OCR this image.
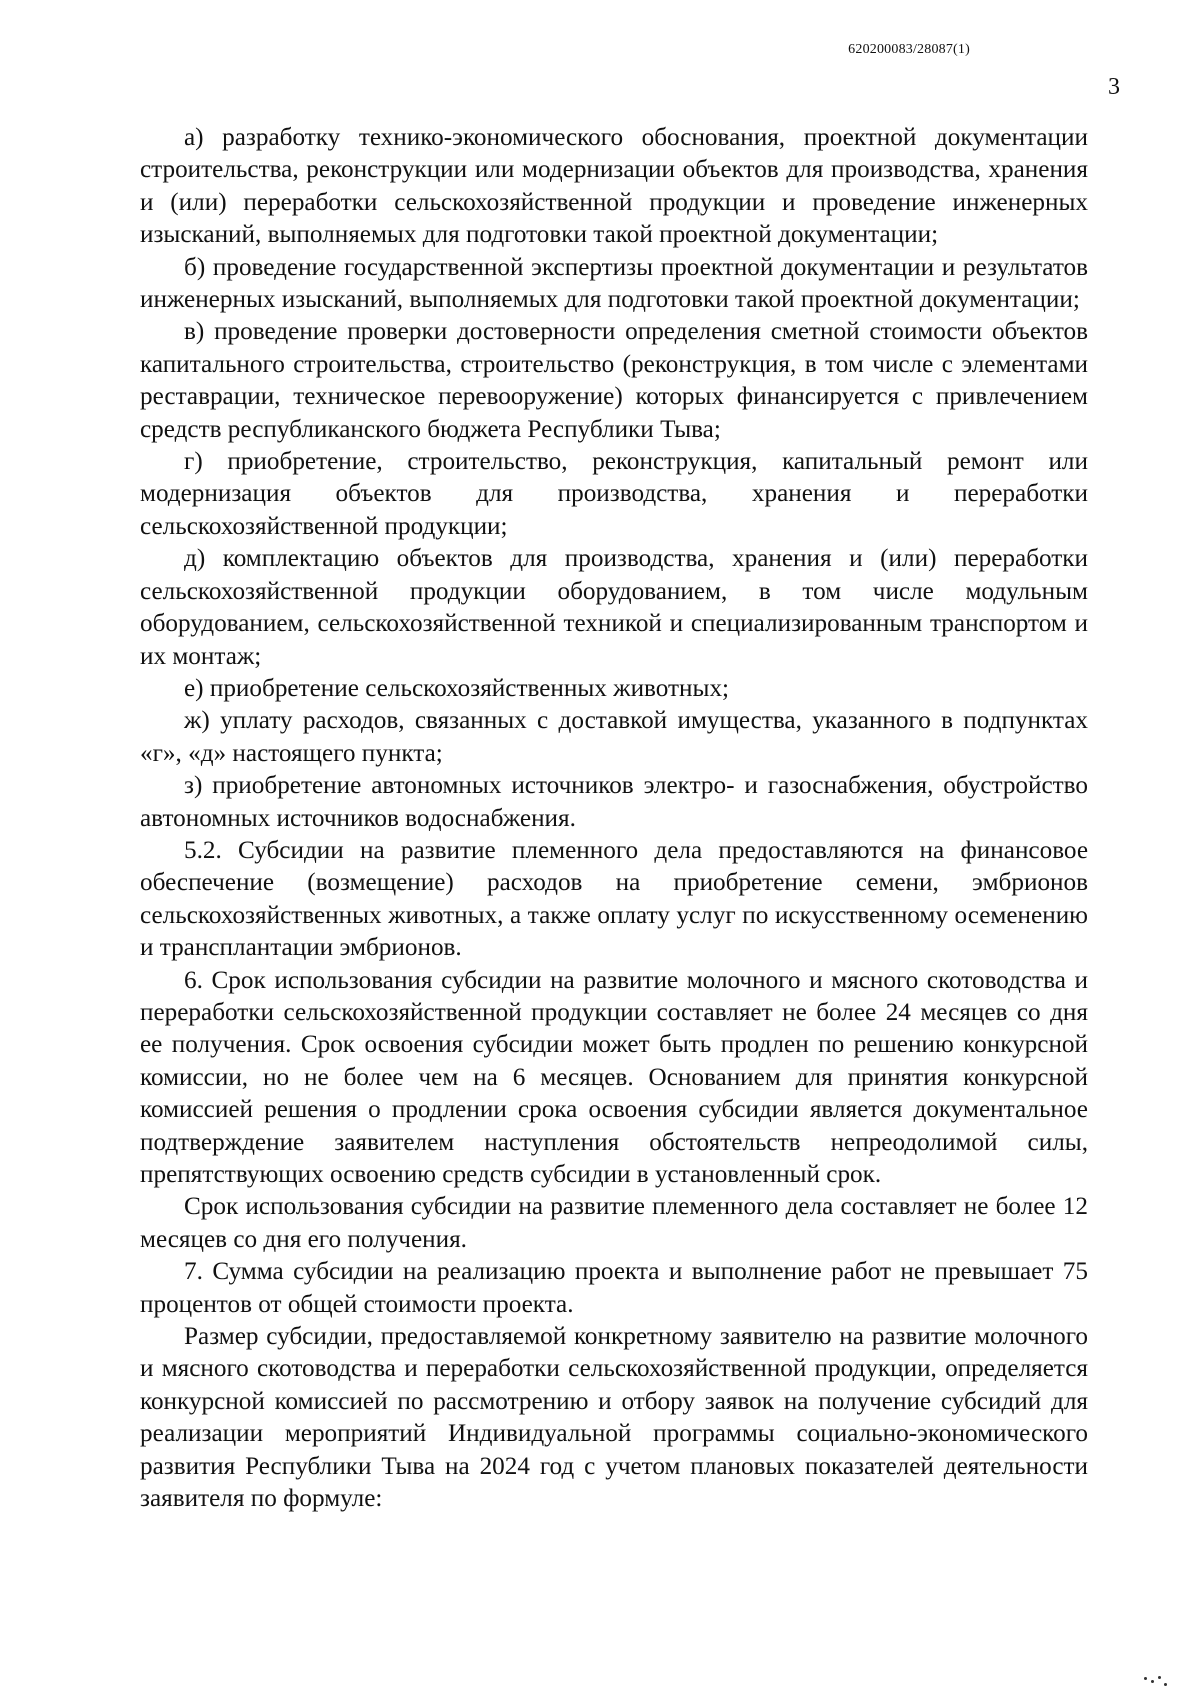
620200083/28087(1)
3

а) разработку технико-экономического обоснования, проектной документации строительства, реконструкции или модернизации объектов для производства, хранения и (или) переработки сельскохозяйственной продукции и проведение инженерных изысканий, выполняемых для подготовки такой проектной документации;

б) проведение государственной экспертизы проектной документации и результатов инженерных изысканий, выполняемых для подготовки такой проектной документации;

в) проведение проверки достоверности определения сметной стоимости объектов капитального строительства, строительство (реконструкция, в том числе с элементами реставрации, техническое перевооружение) которых финансируется с привлечением средств республиканского бюджета Республики Тыва;

г) приобретение, строительство, реконструкция, капитальный ремонт или модернизация объектов для производства, хранения и переработки сельскохозяйственной продукции;

д) комплектацию объектов для производства, хранения и (или) переработки сельскохозяйственной продукции оборудованием, в том числе модульным оборудованием, сельскохозяйственной техникой и специализированным транспортом и их монтаж;

е) приобретение сельскохозяйственных животных;

ж) уплату расходов, связанных с доставкой имущества, указанного в подпунктах «г», «д» настоящего пункта;

з) приобретение автономных источников электро- и газоснабжения, обустройство автономных источников водоснабжения.

5.2. Субсидии на развитие племенного дела предоставляются на финансовое обеспечение (возмещение) расходов на приобретение семени, эмбрионов сельскохозяйственных животных, а также оплату услуг по искусственному осеменению и трансплантации эмбрионов.

6. Срок использования субсидии на развитие молочного и мясного скотоводства и переработки сельскохозяйственной продукции составляет не более 24 месяцев со дня ее получения. Срок освоения субсидии может быть продлен по решению конкурсной комиссии, но не более чем на 6 месяцев. Основанием для принятия конкурсной комиссией решения о продлении срока освоения субсидии является документальное подтверждение заявителем наступления обстоятельств непреодолимой силы, препятствующих освоению средств субсидии в установленный срок.

Срок использования субсидии на развитие племенного дела составляет не более 12 месяцев со дня его получения.

7. Сумма субсидии на реализацию проекта и выполнение работ не превышает 75 процентов от общей стоимости проекта.

Размер субсидии, предоставляемой конкретному заявителю на развитие молочного и мясного скотоводства и переработки сельскохозяйственной продукции, определяется конкурсной комиссией по рассмотрению и отбору заявок на получение субсидий для реализации мероприятий Индивидуальной программы социально-экономического развития Республики Тыва на 2024 год с учетом плановых показателей деятельности заявителя по формуле:
